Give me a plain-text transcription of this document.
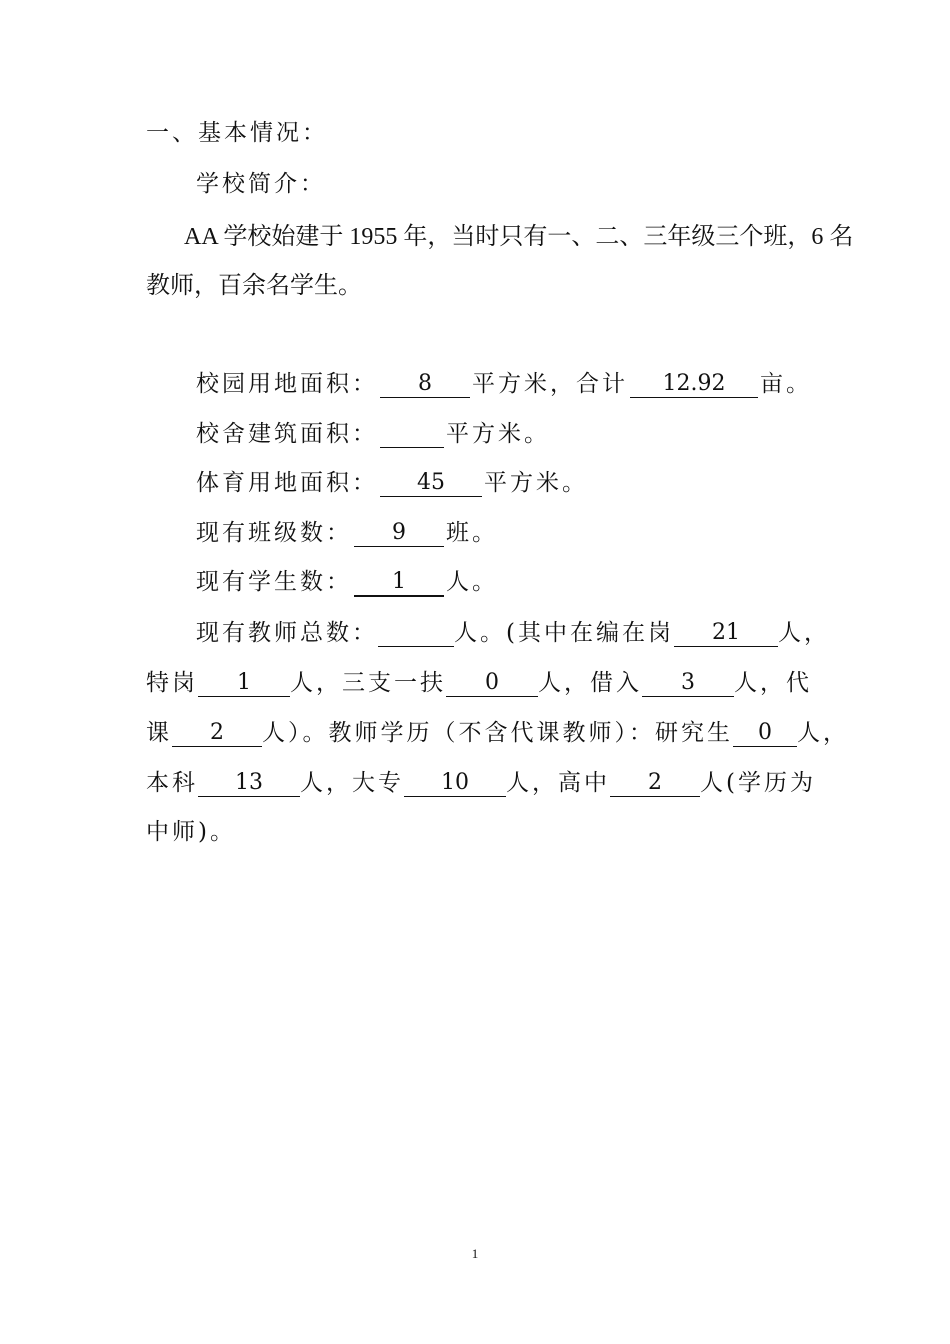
一、基本情况：
学校简介：
AA 学校始建于 1955 年，当时只有一、二、三年级三个班，6 名
教师，百余名学生。
校园用地面积： 8 平方米，合计 12.92 亩。
校舍建筑面积：	平方米。
体育用地面积： 45 平方米。
现有班级数： 9 班。
现有学生数： 1 人。
现有教师总数：	人。(其中在编在岗 21 人，
特岗 1 人，三支一扶 0 人，借入 3 人，代
课 2 人）。教师学历（不含代课教师）：研究生 0 人，
本科 13 人，大专 10 人，高中 2 人(学历为
中师)。
1
